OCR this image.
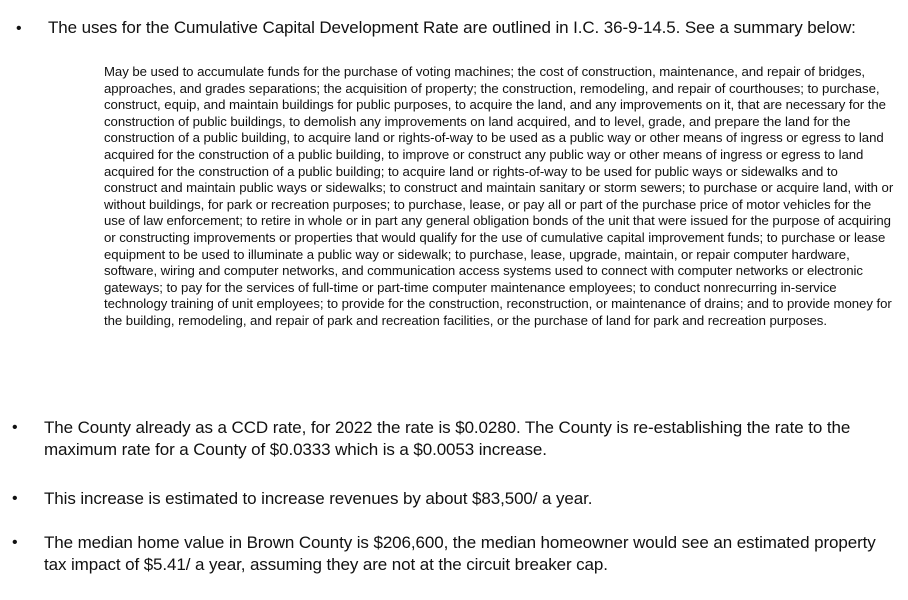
• The uses for the Cumulative Capital Development Rate are outlined in I.C. 36-9-14.5. See a summary below:
May be used to accumulate funds for the purchase of voting machines; the cost of construction, maintenance, and repair of bridges, approaches, and grades separations; the acquisition of property; the construction, remodeling, and repair of courthouses; to purchase, construct, equip, and maintain buildings for public purposes, to acquire the land, and any improvements on it, that are necessary for the construction of public buildings, to demolish any improvements on land acquired, and to level, grade, and prepare the land for the construction of a public building, to acquire land or rights-of-way to be used as a public way or other means of ingress or egress to land acquired for the construction of a public building, to improve or construct any public way or other means of ingress or egress to land acquired for the construction of a public building; to acquire land or rights-of-way to be used for public ways or sidewalks and to construct and maintain public ways or sidewalks; to construct and maintain sanitary or storm sewers; to purchase or acquire land, with or without buildings, for park or recreation purposes; to purchase, lease, or pay all or part of the purchase price of motor vehicles for the use of law enforcement; to retire in whole or in part any general obligation bonds of the unit that were issued for the purpose of acquiring or constructing improvements or properties that would qualify for the use of cumulative capital improvement funds; to purchase or lease equipment to be used to illuminate a public way or sidewalk; to purchase, lease, upgrade, maintain, or repair computer hardware, software, wiring and computer networks, and communication access systems used to connect with computer networks or electronic gateways; to pay for the services of full-time or part-time computer maintenance employees; to conduct nonrecurring in-service technology training of unit employees; to provide for the construction, reconstruction, or maintenance of drains; and to provide money for the building, remodeling, and repair of park and recreation facilities, or the purchase of land for park and recreation purposes.
• The County already as a CCD rate, for 2022 the rate is $0.0280. The County is re-establishing the rate to the maximum rate for a County of $0.0333 which is a $0.0053 increase.
• This increase is estimated to increase revenues by about $83,500/ a year.
• The median home value in Brown County is $206,600, the median homeowner would see an estimated property tax impact of $5.41/ a year, assuming they are not at the circuit breaker cap.
